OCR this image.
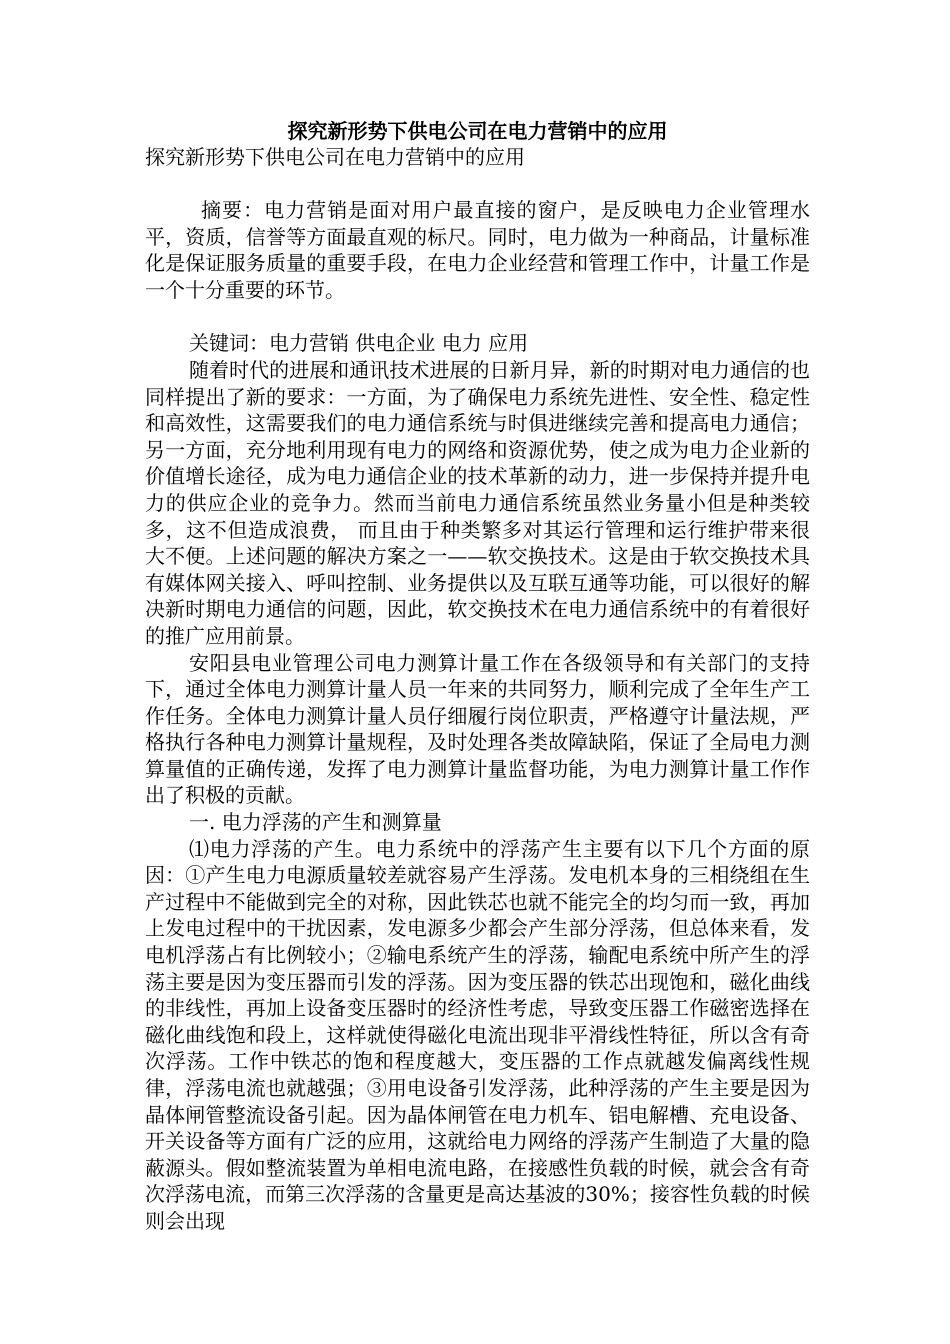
探究新形势下供电公司在电力营销中的应用

探究新形势下供电公司在电力营销中的应用

摘要：电力营销是面对用户最直接的窗户，是反映电力企业管理水平，资质，信誉等方面最直观的标尺。同时，电力做为一种商品，计量标准化是保证服务质量的重要手段，在电力企业经营和管理工作中，计量工作是一个十分重要的环节。

关键词：电力营销 供电企业 电力 应用

随着时代的进展和通讯技术进展的日新月异，新的时期对电力通信的也同样提出了新的要求：一方面，为了确保电力系统先进性、安全性、稳定性和高效性，这需要我们的电力通信系统与时俱进继续完善和提高电力通信；另一方面，充分地利用现有电力的网络和资源优势，使之成为电力企业新的价值增长途径，成为电力通信企业的技术革新的动力，进一步保持并提升电力的供应企业的竞争力。然而当前电力通信系统虽然业务量小但是种类较多，这不但造成浪费， 而且由于种类繁多对其运行管理和运行维护带来很大不便。上述问题的解决方案之一——软交换技术。这是由于软交换技术具有媒体网关接入、呼叫控制、业务提供以及互联互通等功能，可以很好的解决新时期电力通信的问题，因此，软交换技术在电力通信系统中的有着很好的推广应用前景。

安阳县电业管理公司电力测算计量工作在各级领导和有关部门的支持下，通过全体电力测算计量人员一年来的共同努力，顺利完成了全年生产工作任务。全体电力测算计量人员仔细履行岗位职责，严格遵守计量法规，严格执行各种电力测算计量规程，及时处理各类故障缺陷，保证了全局电力测算量值的正确传递，发挥了电力测算计量监督功能，为电力测算计量工作作出了积极的贡献。

一. 电力浮荡的产生和测算量

⑴电力浮荡的产生。电力系统中的浮荡产生主要有以下几个方面的原因：①产生电力电源质量较差就容易产生浮荡。发电机本身的三相绕组在生产过程中不能做到完全的对称，因此铁芯也就不能完全的均匀而一致，再加上发电过程中的干扰因素，发电源多少都会产生部分浮荡，但总体来看，发电机浮荡占有比例较小；②输电系统产生的浮荡，输配电系统中所产生的浮荡主要是因为变压器而引发的浮荡。因为变压器的铁芯出现饱和，磁化曲线的非线性，再加上设备变压器时的经济性考虑，导致变压器工作磁密选择在磁化曲线饱和段上，这样就使得磁化电流出现非平滑线性特征，所以含有奇次浮荡。工作中铁芯的饱和程度越大，变压器的工作点就越发偏离线性规律，浮荡电流也就越强；③用电设备引发浮荡，此种浮荡的产生主要是因为晶体闸管整流设备引起。因为晶体闸管在电力机车、铝电解槽、充电设备、开关设备等方面有广泛的应用，这就给电力网络的浮荡产生制造了大量的隐蔽源头。假如整流装置为单相电流电路，在接感性负载的时候，就会含有奇次浮荡电流，而第三次浮荡的含量更是高达基波的30%；接容性负载的时候则会出现
